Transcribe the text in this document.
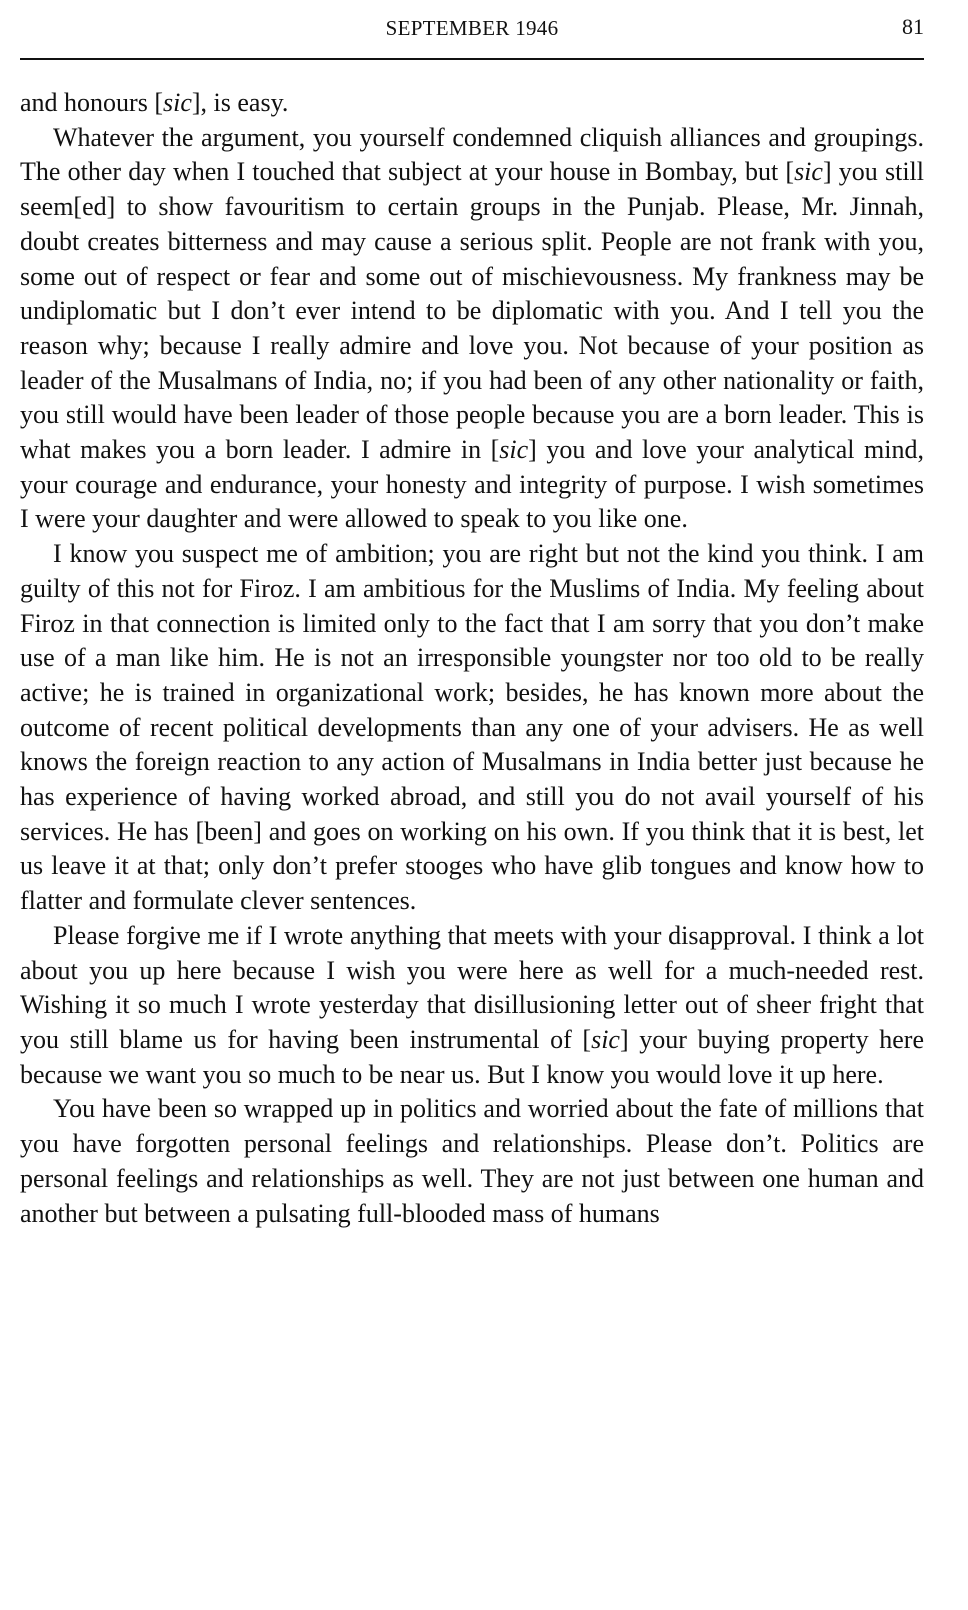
SEPTEMBER 1946	81

and honours [sic], is easy.

Whatever the argument, you yourself condemned cliquish alliances and groupings. The other day when I touched that subject at your house in Bombay, but [sic] you still seem[ed] to show favouritism to certain groups in the Punjab. Please, Mr. Jinnah, doubt creates bitterness and may cause a serious split. People are not frank with you, some out of respect or fear and some out of mischievousness. My frankness may be undiplomatic but I don’t ever intend to be diplomatic with you. And I tell you the reason why; because I really admire and love you. Not because of your position as leader of the Musalmans of India, no; if you had been of any other nationality or faith, you still would have been leader of those people because you are a born leader. This is what makes you a born leader. I admire in [sic] you and love your analytical mind, your courage and endurance, your honesty and integrity of purpose. I wish sometimes I were your daughter and were allowed to speak to you like one.

I know you suspect me of ambition; you are right but not the kind you think. I am guilty of this not for Firoz. I am ambitious for the Muslims of India. My feeling about Firoz in that connection is limited only to the fact that I am sorry that you don’t make use of a man like him. He is not an irresponsible youngster nor too old to be really active; he is trained in organizational work; besides, he has known more about the outcome of recent political developments than any one of your advisers. He as well knows the foreign reaction to any action of Musalmans in India better just because he has experience of having worked abroad, and still you do not avail yourself of his services. He has [been] and goes on working on his own. If you think that it is best, let us leave it at that; only don’t prefer stooges who have glib tongues and know how to flatter and formulate clever sentences.

Please forgive me if I wrote anything that meets with your disapproval. I think a lot about you up here because I wish you were here as well for a much-needed rest. Wishing it so much I wrote yesterday that disillusioning letter out of sheer fright that you still blame us for having been instrumental of [sic] your buying property here because we want you so much to be near us. But I know you would love it up here.

You have been so wrapped up in politics and worried about the fate of millions that you have forgotten personal feelings and relationships. Please don’t. Politics are personal feelings and relationships as well. They are not just between one human and another but between a pulsating full-blooded mass of humans
